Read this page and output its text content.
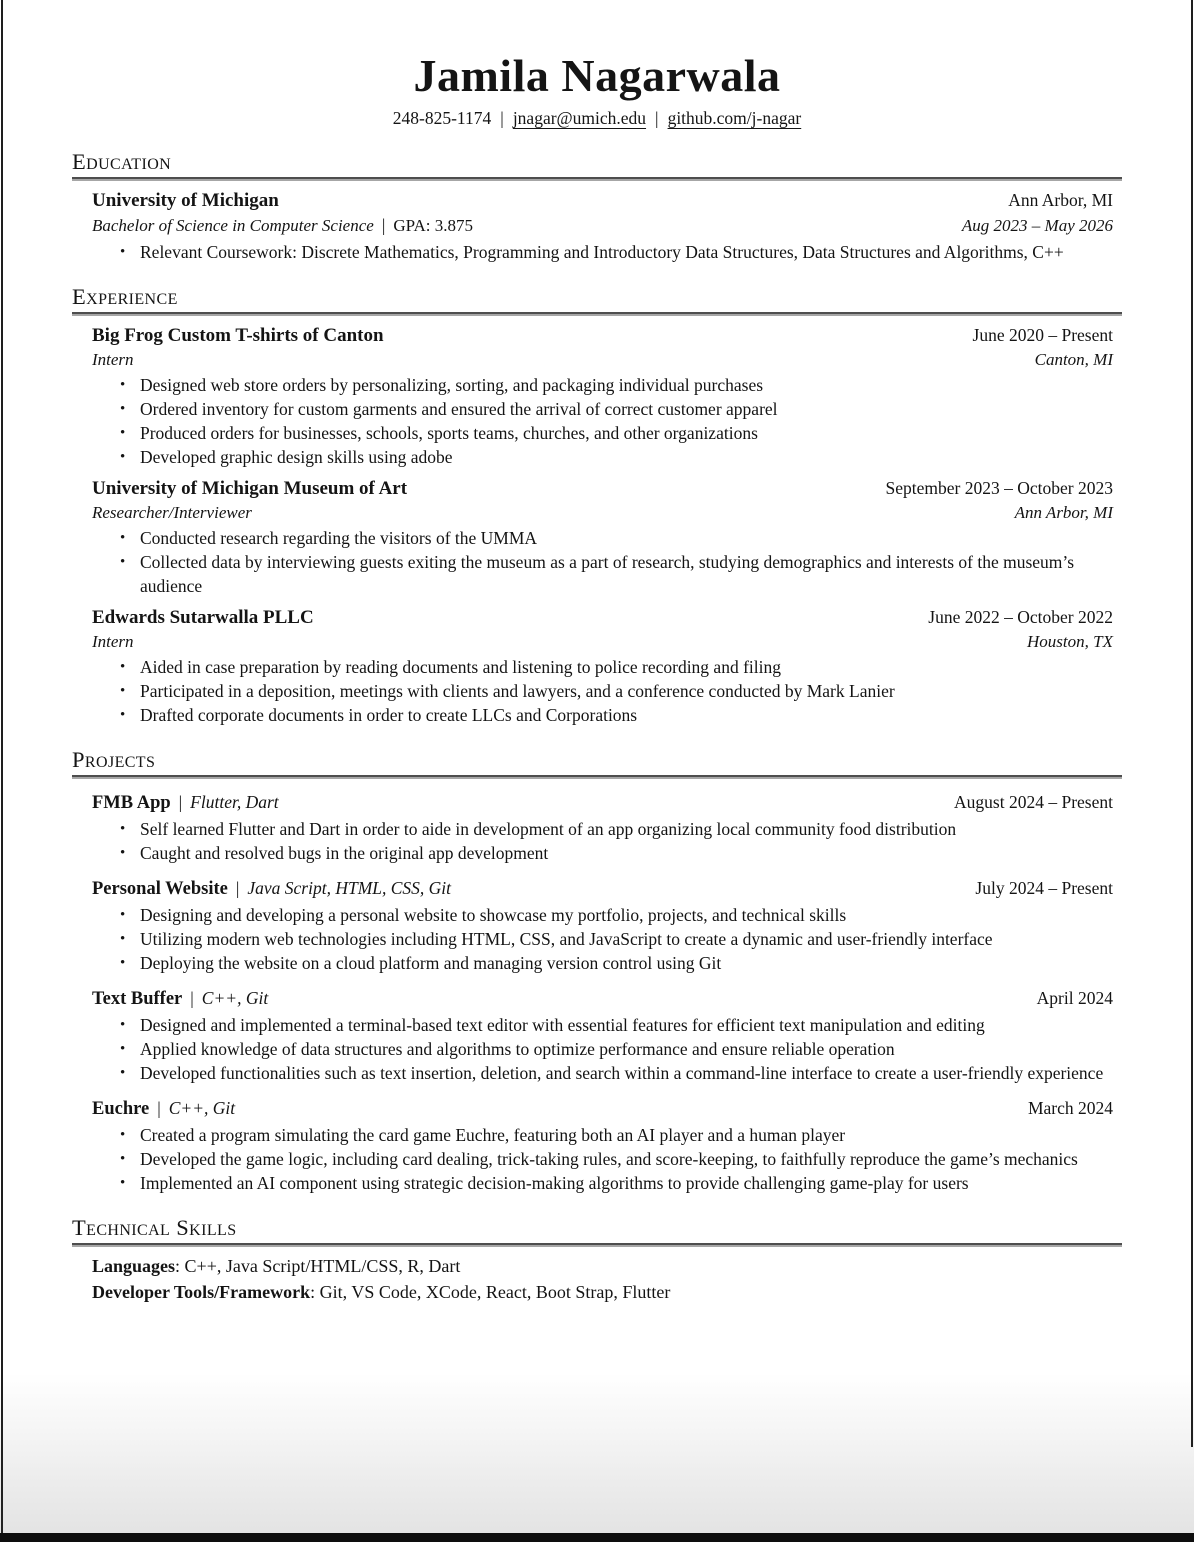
Jamila Nagarwala
248-825-1174 | jnagar@umich.edu | github.com/j-nagar
Education
University of Michigan	Ann Arbor, MI
Bachelor of Science in Computer Science | GPA: 3.875	Aug 2023 – May 2026
• Relevant Coursework: Discrete Mathematics, Programming and Introductory Data Structures, Data Structures and Algorithms, C++
Experience
Big Frog Custom T-shirts of Canton	June 2020 – Present
Intern	Canton, MI
• Designed web store orders by personalizing, sorting, and packaging individual purchases
• Ordered inventory for custom garments and ensured the arrival of correct customer apparel
• Produced orders for businesses, schools, sports teams, churches, and other organizations
• Developed graphic design skills using adobe
University of Michigan Museum of Art	September 2023 – October 2023
Researcher/Interviewer	Ann Arbor, MI
• Conducted research regarding the visitors of the UMMA
• Collected data by interviewing guests exiting the museum as a part of research, studying demographics and interests of the museum’s audience
Edwards Sutarwalla PLLC	June 2022 – October 2022
Intern	Houston, TX
• Aided in case preparation by reading documents and listening to police recording and filing
• Participated in a deposition, meetings with clients and lawyers, and a conference conducted by Mark Lanier
• Drafted corporate documents in order to create LLCs and Corporations
Projects
FMB App | Flutter, Dart	August 2024 – Present
• Self learned Flutter and Dart in order to aide in development of an app organizing local community food distribution
• Caught and resolved bugs in the original app development
Personal Website | Java Script, HTML, CSS, Git	July 2024 – Present
• Designing and developing a personal website to showcase my portfolio, projects, and technical skills
• Utilizing modern web technologies including HTML, CSS, and JavaScript to create a dynamic and user-friendly interface
• Deploying the website on a cloud platform and managing version control using Git
Text Buffer | C++, Git	April 2024
• Designed and implemented a terminal-based text editor with essential features for efficient text manipulation and editing
• Applied knowledge of data structures and algorithms to optimize performance and ensure reliable operation
• Developed functionalities such as text insertion, deletion, and search within a command-line interface to create a user-friendly experience
Euchre | C++, Git	March 2024
• Created a program simulating the card game Euchre, featuring both an AI player and a human player
• Developed the game logic, including card dealing, trick-taking rules, and score-keeping, to faithfully reproduce the game’s mechanics
• Implemented an AI component using strategic decision-making algorithms to provide challenging game-play for users
Technical Skills
Languages: C++, Java Script/HTML/CSS, R, Dart
Developer Tools/Framework: Git, VS Code, XCode, React, Boot Strap, Flutter
